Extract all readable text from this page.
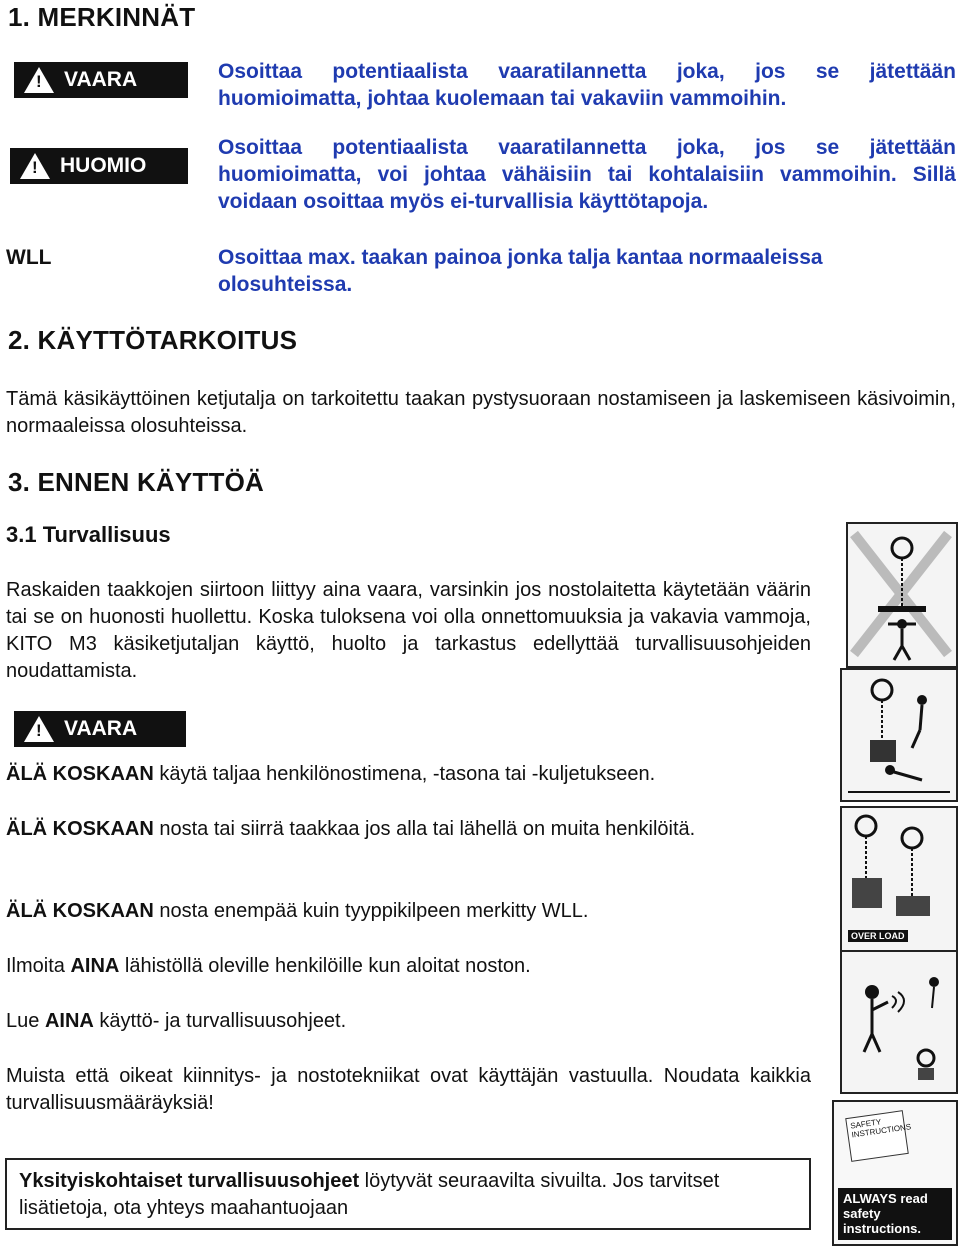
1. MERKINNÄT
! VAARA	Osoittaa potentiaalista vaaratilannetta joka, jos se jätettään huomioimatta, johtaa kuolemaan tai vakaviin vammoihin.
! HUOMIO
Osoittaa potentiaalista vaaratilannetta joka, jos se jätettään huomioimatta, voi johtaa vähäisiin tai kohtalaisiin vammoihin. Sillä voidaan osoittaa myös ei-turvallisia käyttötapoja.
WLL	Osoittaa max. taakan painoa jonka talja kantaa normaaleissa olosuhteissa.
2. KÄYTTÖTARKOITUS
Tämä käsikäyttöinen ketjutalja on tarkoitettu taakan pystysuoraan nostamiseen ja laskemiseen käsivoimin, normaaleissa olosuhteissa.
3. ENNEN KÄYTTÖÄ
3.1 Turvallisuus
Raskaiden taakkojen siirtoon liittyy aina vaara, varsinkin jos nostolaitetta käytetään väärin tai se on huonosti huollettu. Koska tuloksena voi olla onnettomuuksia ja vakavia vammoja, KITO M3 käsiketjutaljan käyttö, huolto ja tarkastus edellyttää turvallisuusohjeiden noudattamista.
! VAARA
ÄLÄ KOSKAAN käytä taljaa henkilönostimena, -tasona tai -kuljetukseen.
ÄLÄ KOSKAAN nosta tai siirrä taakkaa jos alla tai lähellä on muita henkilöitä.
ÄLÄ KOSKAAN nosta enempää kuin tyyppikilpeen merkitty WLL.
Ilmoita AINA lähistöllä oleville henkilöille kun aloitat noston.
Lue AINA käyttö- ja turvallisuusohjeet.
Muista että oikeat kiinnitys- ja nostotekniikat ovat käyttäjän vastuulla. Noudata kaikkia turvallisuusmääräyksiä!
Yksityiskohtaiset turvallisuusohjeet löytyvät seuraavilta sivuilta. Jos tarvitset lisätietoja, ota yhteys maahantuojaan
OVER LOAD
SAFETY INSTRUCTIONS
ALWAYS read safety instructions.
